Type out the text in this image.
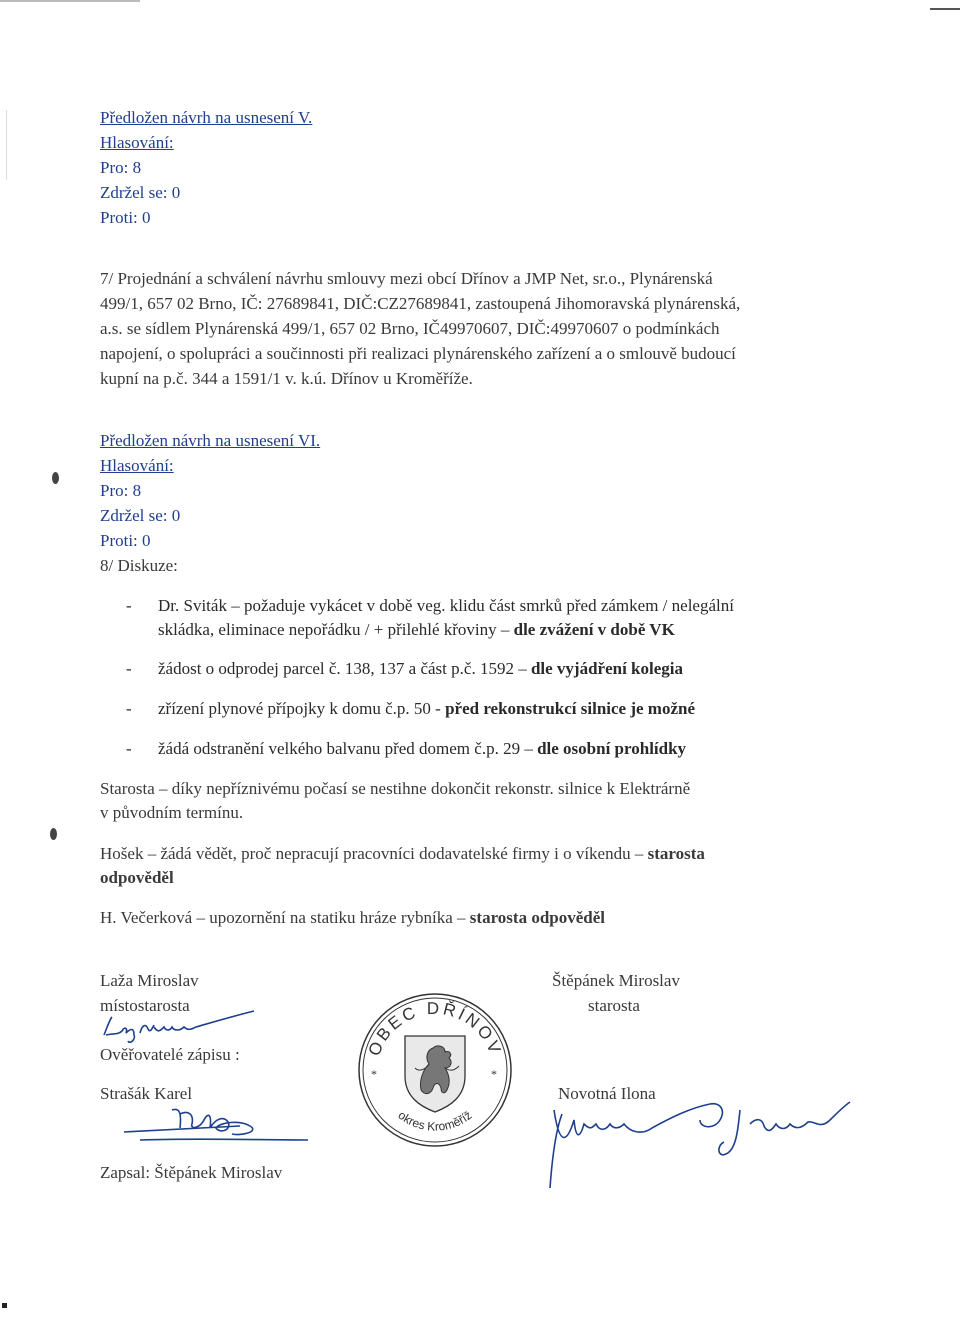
Předložen návrh na usnesení V.
Hlasování:
Pro: 8
Zdržel se: 0
Proti: 0
7/ Projednání a schválení návrhu smlouvy mezi obcí Dřínov a JMP Net, sr.o., Plynárenská
499/1, 657 02 Brno, IČ: 27689841, DIČ:CZ27689841, zastoupená Jihomoravská plynárenská,
a.s. se sídlem Plynárenská 499/1, 657 02 Brno, IČ49970607, DIČ:49970607 o podmínkách
napojení, o spolupráci a součinnosti při realizaci plynárenského zařízení a o smlouvě budoucí
kupní na p.č. 344 a 1591/1 v. k.ú. Dřínov u Kroměříže.
Předložen návrh na usnesení VI.
Hlasování:
Pro: 8
Zdržel se: 0
Proti: 0
8/ Diskuze:
- Dr. Sviták – požaduje vykácet v době veg. klidu část smrků před zámkem / nelegální
skládka, eliminace nepořádku / + přilehlé křoviny – dle zvážení v době VK
- žádost o odprodej parcel č. 138, 137 a část p.č. 1592 – dle vyjádření kolegia
- zřízení plynové přípojky k domu č.p. 50 - před rekonstrukcí silnice je možné
- žádá odstranění velkého balvanu před domem č.p. 29 – dle osobní prohlídky
Starosta – díky nepříznivému počasí se nestihne dokončit rekonstr. silnice k Elektrárně
v původním termínu.
Hošek – žádá vědět, proč nepracují pracovníci dodavatelské firmy i o víkendu – starosta
odpověděl
H. Večerková – upozornění na statiku hráze rybníka – starosta odpověděl
Laža Miroslav
místostarosta
Ověřovatelé zápisu :
Strašák Karel
Zapsal: Štěpánek Miroslav
Štěpánek Miroslav
starosta
Novotná Ilona
OBEC DŘÍNOV
okres Kroměříž
*	*
